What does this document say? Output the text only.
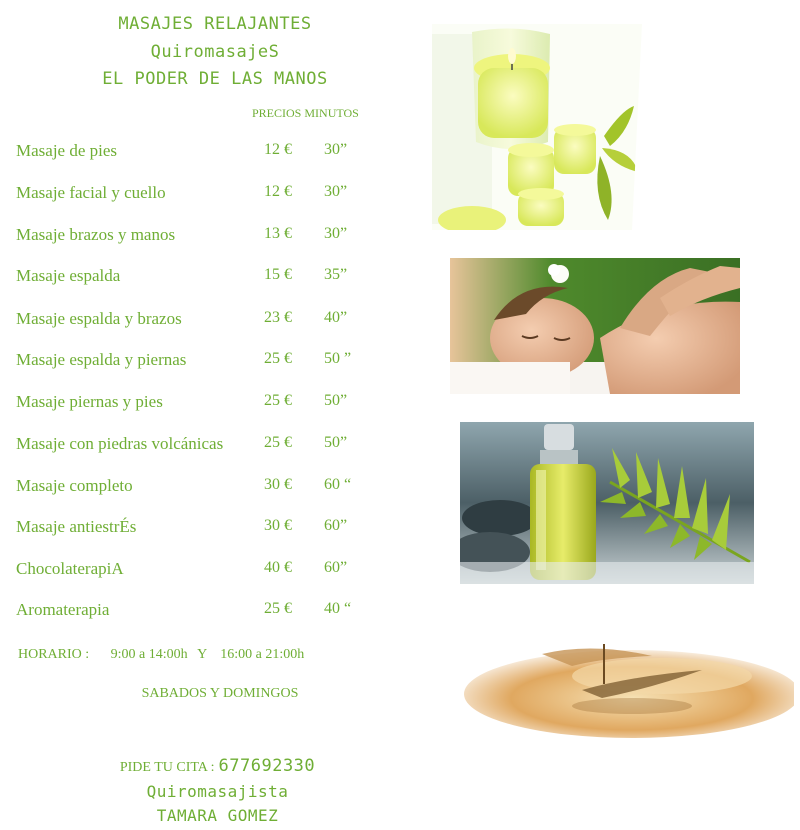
MASAJES RELAJANTES
QuiromasajeS
EL PODER DE LAS MANOS
PRECIOS MINUTOS
Masaje de pies	12 € 30”
Masaje facial y cuello	12 € 30”
Masaje brazos y manos	13 € 30”
Masaje espalda	15 € 35”
Masaje espalda y brazos	23 € 40”
Masaje espalda y piernas	25 € 50 ”
Masaje piernas y pies	25 € 50”
Masaje con piedras volcánicas	25 € 50”
Masaje completo	30 € 60 “
Masaje antiestrÉs	30 € 60”
ChocolaterapiA	40 € 60”
Aromaterapia	25 € 40 “
HORARIO : 9:00 a 14:00h Y 16:00 a 21:00h
SABADOS Y DOMINGOS
PIDE TU CITA : 677692330
Quiromasajista
TAMARA GOMEZ
